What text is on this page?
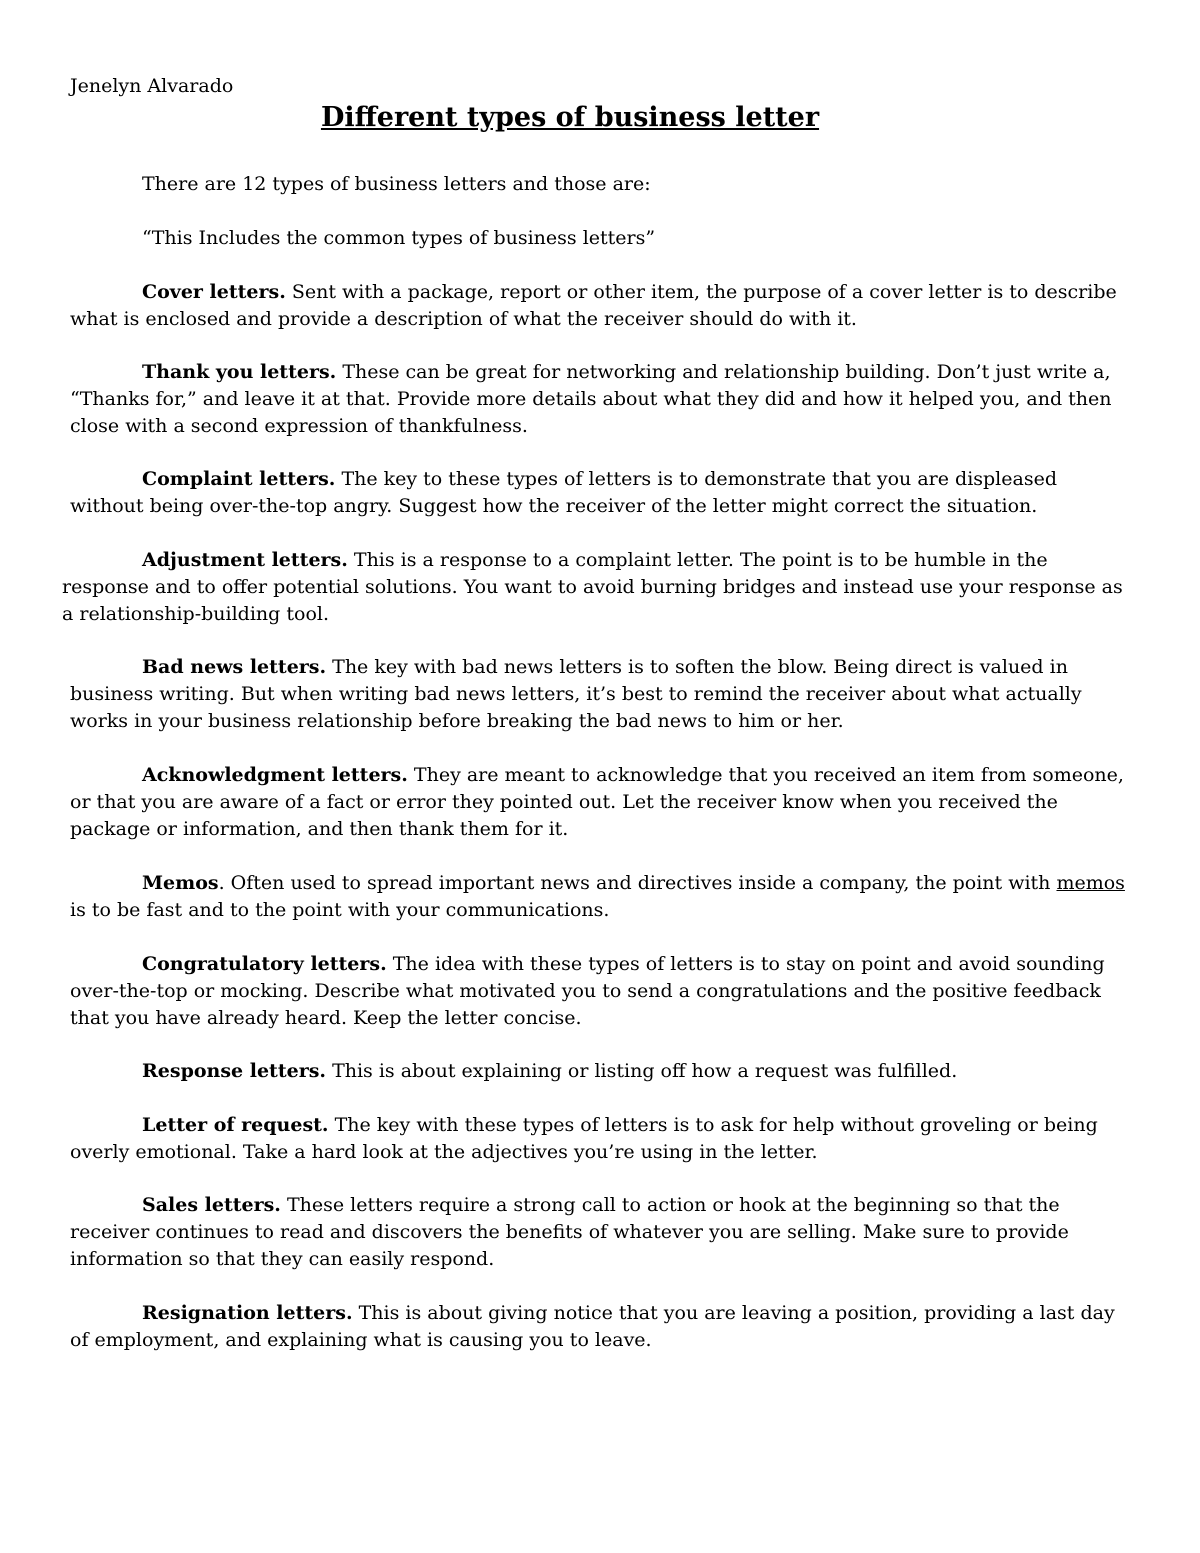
Jenelyn Alvarado
Different types of business letter
There are 12 types of business letters and those are:
“This Includes the common types of business letters”

Cover letters. Sent with a package, report or other item, the purpose of a cover letter is to describe what is enclosed and provide a description of what the receiver should do with it.

Thank you letters. These can be great for networking and relationship building. Don’t just write a, “Thanks for,” and leave it at that. Provide more details about what they did and how it helped you, and then close with a second expression of thankfulness.

Complaint letters. The key to these types of letters is to demonstrate that you are displeased without being over-the-top angry. Suggest how the receiver of the letter might correct the situation.

Adjustment letters. This is a response to a complaint letter. The point is to be humble in the response and to offer potential solutions. You want to avoid burning bridges and instead use your response as a relationship-building tool.

Bad news letters. The key with bad news letters is to soften the blow. Being direct is valued in business writing. But when writing bad news letters, it’s best to remind the receiver about what actually works in your business relationship before breaking the bad news to him or her.

Acknowledgment letters. They are meant to acknowledge that you received an item from someone, or that you are aware of a fact or error they pointed out. Let the receiver know when you received the package or information, and then thank them for it.

Memos. Often used to spread important news and directives inside a company, the point with memos is to be fast and to the point with your communications.

Congratulatory letters. The idea with these types of letters is to stay on point and avoid sounding over-the-top or mocking. Describe what motivated you to send a congratulations and the positive feedback that you have already heard. Keep the letter concise.

Response letters. This is about explaining or listing off how a request was fulfilled.

Letter of request. The key with these types of letters is to ask for help without groveling or being overly emotional. Take a hard look at the adjectives you’re using in the letter.

Sales letters. These letters require a strong call to action or hook at the beginning so that the receiver continues to read and discovers the benefits of whatever you are selling. Make sure to provide information so that they can easily respond.

Resignation letters. This is about giving notice that you are leaving a position, providing a last day of employment, and explaining what is causing you to leave.
